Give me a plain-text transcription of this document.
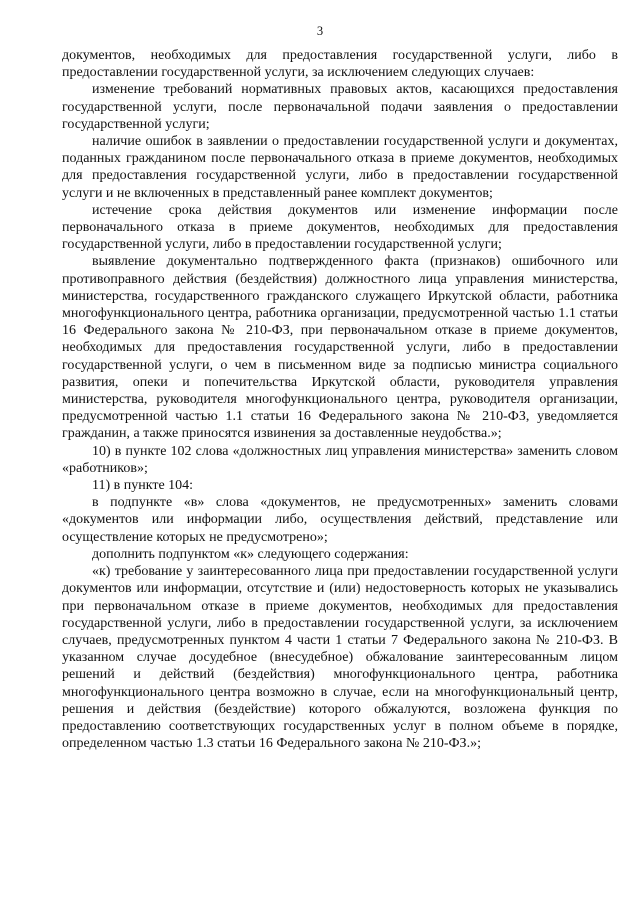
3

документов, необходимых для предоставления государственной услуги, либо в предоставлении государственной услуги, за исключением следующих случаев:

изменение требований нормативных правовых актов, касающихся предоставления государственной услуги, после первоначальной подачи заявления о предоставлении государственной услуги;

наличие ошибок в заявлении о предоставлении государственной услуги и документах, поданных гражданином после первоначального отказа в приеме документов, необходимых для предоставления государственной услуги, либо в предоставлении государственной услуги и не включенных в представленный ранее комплект документов;

истечение срока действия документов или изменение информации после первоначального отказа в приеме документов, необходимых для предоставления государственной услуги, либо в предоставлении государственной услуги;

выявление документально подтвержденного факта (признаков) ошибочного или противоправного действия (бездействия) должностного лица управления министерства, министерства, государственного гражданского служащего Иркутской области, работника многофункционального центра, работника организации, предусмотренной частью 1.1 статьи 16 Федерального закона № 210-ФЗ, при первоначальном отказе в приеме документов, необходимых для предоставления государственной услуги, либо в предоставлении государственной услуги, о чем в письменном виде за подписью министра социального развития, опеки и попечительства Иркутской области, руководителя управления министерства, руководителя многофункционального центра, руководителя организации, предусмотренной частью 1.1 статьи 16 Федерального закона № 210-ФЗ, уведомляется гражданин, а также приносятся извинения за доставленные неудобства.»;

10) в пункте 102 слова «должностных лиц управления министерства» заменить словом «работников»;

11) в пункте 104:

в подпункте «в» слова «документов, не предусмотренных» заменить словами «документов или информации либо, осуществления действий, представление или осуществление которых не предусмотрено»;

дополнить подпунктом «к» следующего содержания:

«к) требование у заинтересованного лица при предоставлении государственной услуги документов или информации, отсутствие и (или) недостоверность которых не указывались при первоначальном отказе в приеме документов, необходимых для предоставления государственной услуги, либо в предоставлении государственной услуги, за исключением случаев, предусмотренных пунктом 4 части 1 статьи 7 Федерального закона № 210-ФЗ. В указанном случае досудебное (внесудебное) обжалование заинтересованным лицом решений и действий (бездействия) многофункционального центра, работника многофункционального центра возможно в случае, если на многофункциональный центр, решения и действия (бездействие) которого обжалуются, возложена функция по предоставлению соответствующих государственных услуг в полном объеме в порядке, определенном частью 1.3 статьи 16 Федерального закона № 210-ФЗ.»;
